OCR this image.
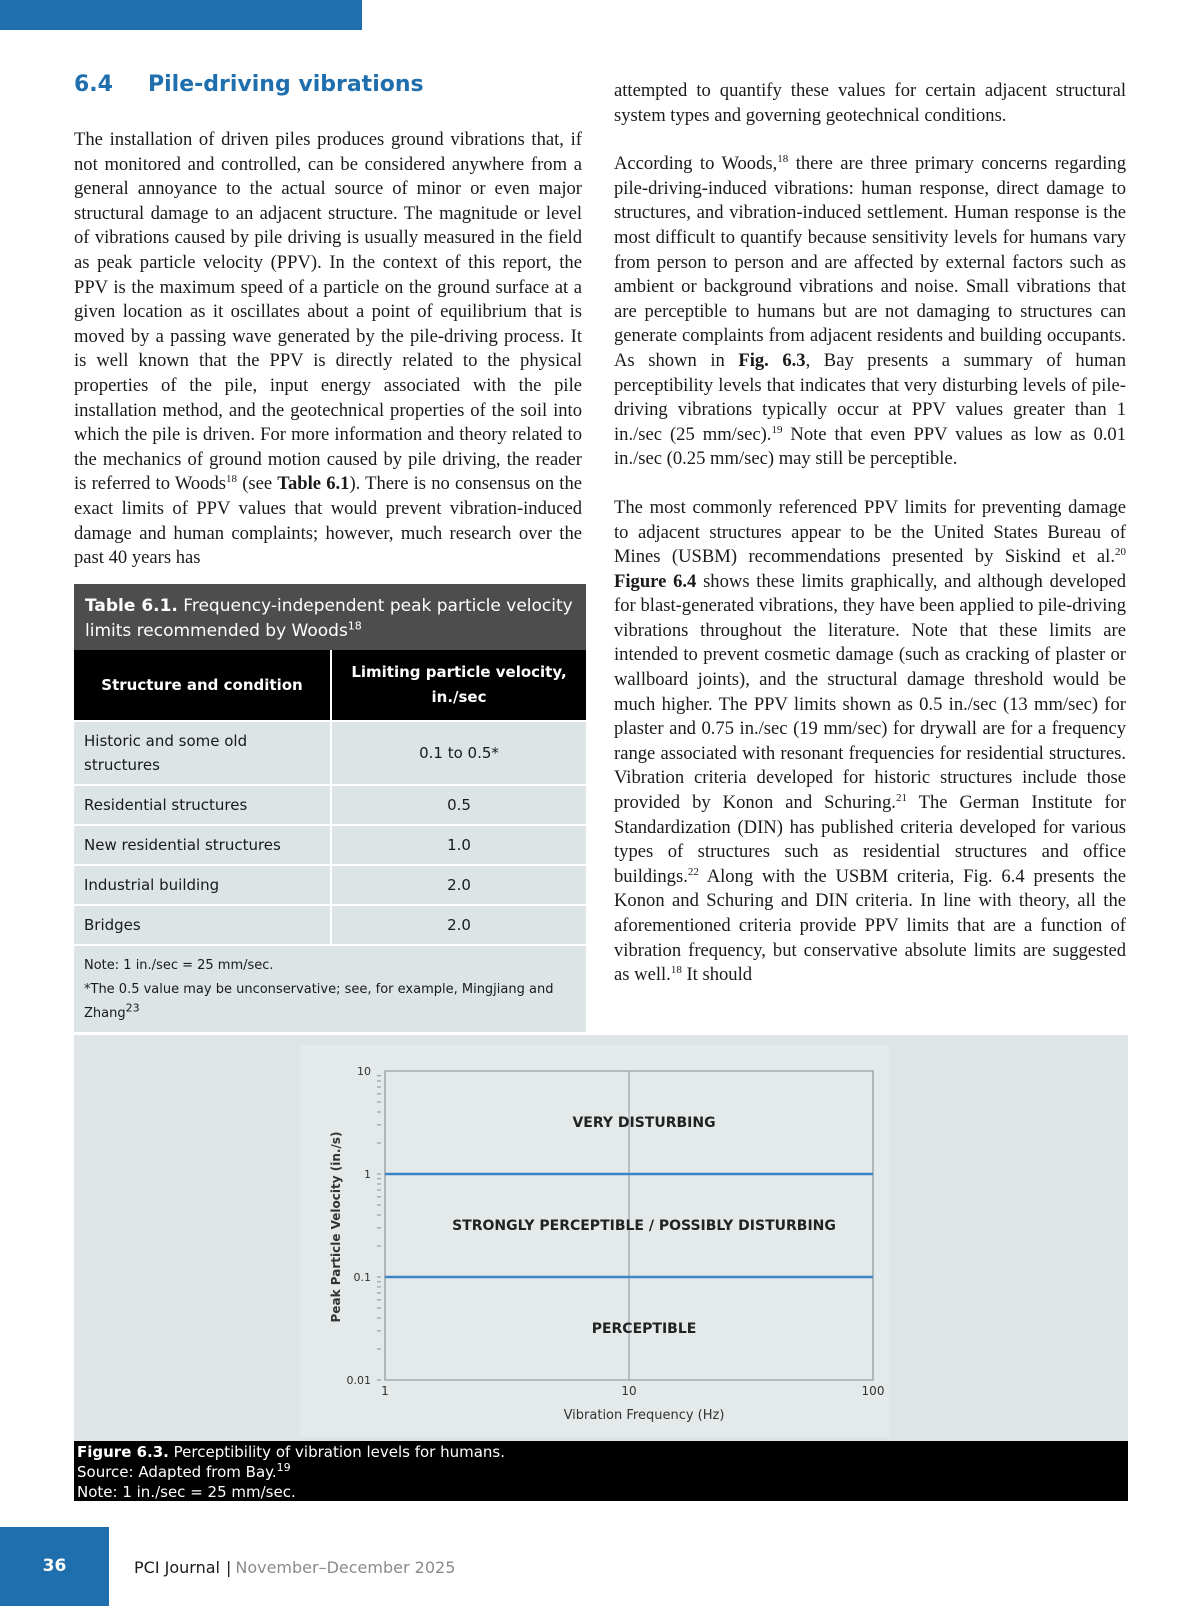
6.4 Pile-driving vibrations

The installation of driven piles produces ground vibrations that, if not monitored and controlled, can be considered anywhere from a general annoyance to the actual source of minor or even major structural damage to an adjacent structure. The magnitude or level of vibrations caused by pile driving is usually measured in the field as peak particle velocity (PPV). In the context of this report, the PPV is the maximum speed of a particle on the ground surface at a given location as it oscillates about a point of equilibrium that is moved by a passing wave generated by the pile-driving process. It is well known that the PPV is directly related to the physical properties of the pile, input energy associated with the pile installation method, and the geotechnical properties of the soil into which the pile is driven. For more information and theory related to the mechanics of ground motion caused by pile driving, the reader is referred to Woods$^{18}$ (see Table 6.1). There is no consensus on the exact limits of PPV values that would prevent vibration-induced damage and human complaints; however, much research over the past 40 years has

attempted to quantify these values for certain adjacent structural system types and governing geotechnical conditions.

According to Woods,$^{18}$ there are three primary concerns regarding pile-driving-induced vibrations: human response, direct damage to structures, and vibration-induced settlement. Human response is the most difficult to quantify because sensitivity levels for humans vary from person to person and are affected by external factors such as ambient or background vibrations and noise. Small vibrations that are perceptible to humans but are not damaging to structures can generate complaints from adjacent residents and building occupants. As shown in Fig. 6.3, Bay presents a summary of human perceptibility levels that indicates that very disturbing levels of pile-driving vibrations typically occur at PPV values greater than 1 in./sec (25 mm/sec).$^{19}$ Note that even PPV values as low as 0.01 in./sec (0.25 mm/sec) may still be perceptible.

The most commonly referenced PPV limits for preventing damage to adjacent structures appear to be the United States Bureau of Mines (USBM) recommendations presented by Siskind et al.$^{20}$ Figure 6.4 shows these limits graphically, and although developed for blast-generated vibrations, they have been applied to pile-driving vibrations throughout the literature. Note that these limits are intended to prevent cosmetic damage (such as cracking of plaster or wallboard joints), and the structural damage threshold would be much higher. The PPV limits shown as 0.5 in./sec (13 mm/sec) for plaster and 0.75 in./sec (19 mm/sec) for drywall are for a frequency range associated with resonant frequencies for residential structures. Vibration criteria developed for historic structures include those provided by Konon and Schuring.$^{21}$ The German Institute for Standardization (DIN) has published criteria developed for various types of structures such as residential structures and office buildings.$^{22}$ Along with the USBM criteria, Fig. 6.4 presents the Konon and Schuring and DIN criteria. In line with theory, all the aforementioned criteria provide PPV limits that are a function of vibration frequency, but conservative absolute limits are suggested as well.$^{18}$ It should

Table 6.1. Frequency-independent peak particle velocity limits recommended by Woods$^{18}$
Structure and condition	Limiting particle velocity, in./sec
Historic and some old structures	0.1 to 0.5*
Residential structures	0.5
New residential structures	1.0
Industrial building	2.0
Bridges	2.0
Note: 1 in./sec = 25 mm/sec.
*The 0.5 value may be unconservative; see, for example, Mingjiang and Zhang$^{23}$
1	10	100
10
1
0.1
0.01
VERY DISTURBING
STRONGLY PERCEPTIBLE / POSSIBLY DISTURBING
PERCEPTIBLE
Vibration Frequency (Hz)
Peak Particle Velocity (in./s)
Figure 6.3. Perceptibility of vibration levels for humans.
Source: Adapted from Bay.$^{19}$
Note: 1 in./sec = 25 mm/sec.
36	PCI Journal | November–December 2025
